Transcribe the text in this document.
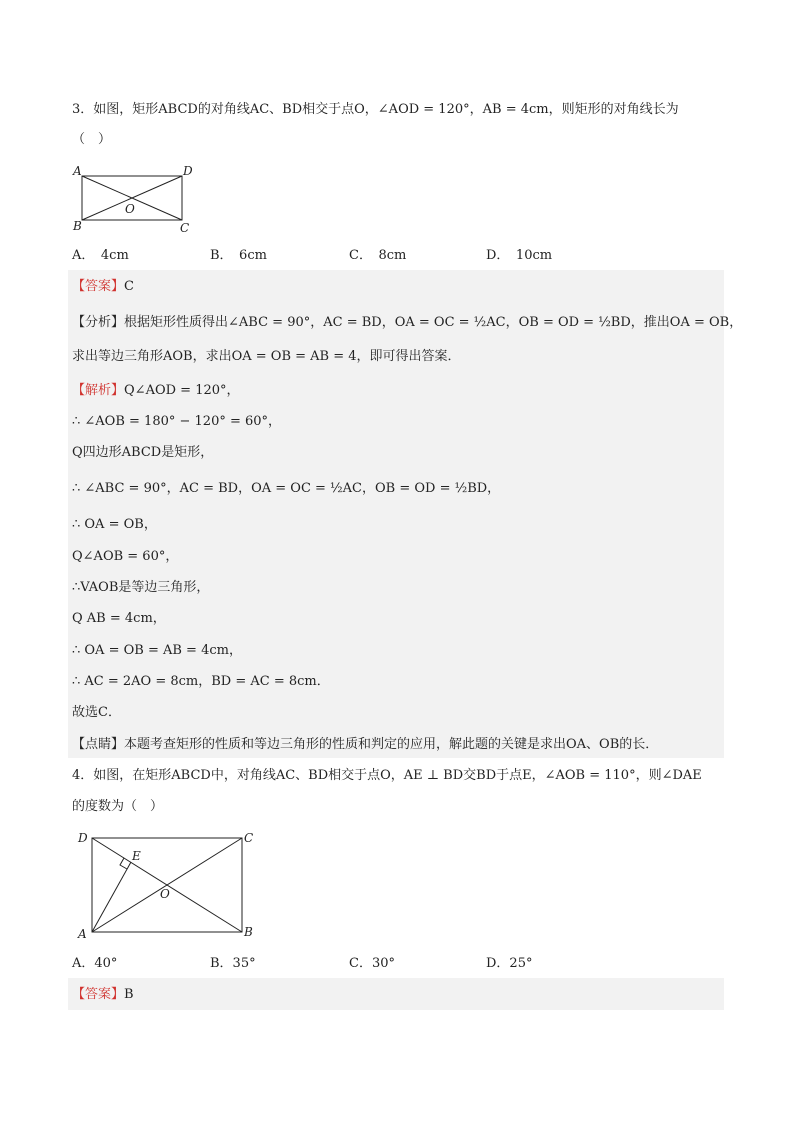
3．如图，矩形ABCD的对角线AC、BD相交于点O，∠AOD = 120°，AB = 4cm，则矩形的对角线长为
（　）
A
B	C
D
O
A．　4cm	B．　6cm	C．　8cm	D．　10cm
【答案】C
【分析】根据矩形性质得出∠ABC = 90°，AC = BD，OA = OC = ½AC，OB = OD = ½BD，推出OA = OB，
求出等边三角形AOB，求出OA = OB = AB = 4，即可得出答案．
【解析】Q∠AOD = 120°，
∴ ∠AOB = 180° − 120° = 60°，
Q四边形ABCD是矩形，
∴ ∠ABC = 90°，AC = BD，OA = OC = ½AC，OB = OD = ½BD，
∴ OA = OB，
Q∠AOB = 60°，
∴VAOB是等边三角形，
Q AB = 4cm，
∴ OA = OB = AB = 4cm，
∴ AC = 2AO = 8cm，BD = AC = 8cm．
故选C．
【点睛】本题考查矩形的性质和等边三角形的性质和判定的应用，解此题的关键是求出OA、OB的长．
4．如图，在矩形ABCD中，对角线AC、BD相交于点O，AE ⊥ BD交BD于点E，∠AOB = 110°，则∠DAE
的度数为（　）
D	C
A	B
E
O
A．40°	B．35°	C．30°	D．25°
【答案】B
